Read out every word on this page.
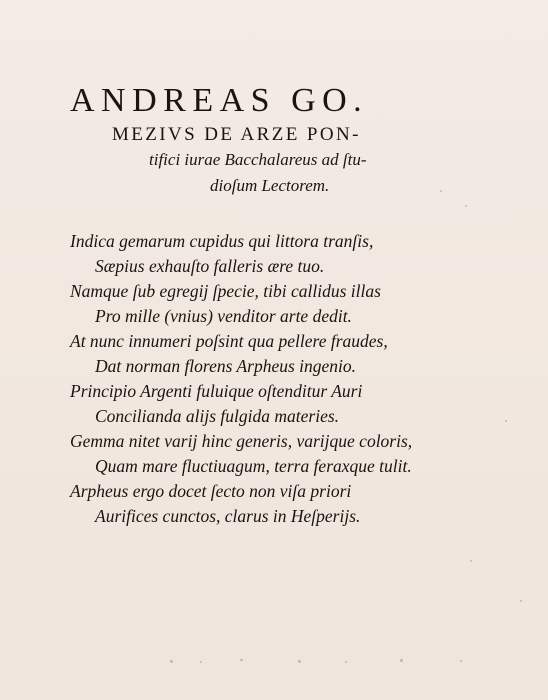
ANDREAS GO.
MEZIVS DE ARZE PON-
tifici iurae Bacchalareus ad ſtu-
dioſum Lectorem.
Indica gemarum cupidus qui littora tranſis,
Sæpius exhauſto falleris ære tuo.
Namque ſub egregij ſpecie, tibi callidus illas
Pro mille (vnius) venditor arte dedit.
At nunc innumeri poſsint qua pellere fraudes,
Dat norman florens Arpheus ingenio.
Principio Argenti fuluique oſtenditur Auri
Concilianda alijs fulgida materies.
Gemma nitet varij hinc generis, varijque coloris,
Quam mare fluctiuagum, terra feraxque tulit.
Arpheus ergo docet ſecto non viſa priori
Aurifices cunctos, clarus in Heſperijs.
